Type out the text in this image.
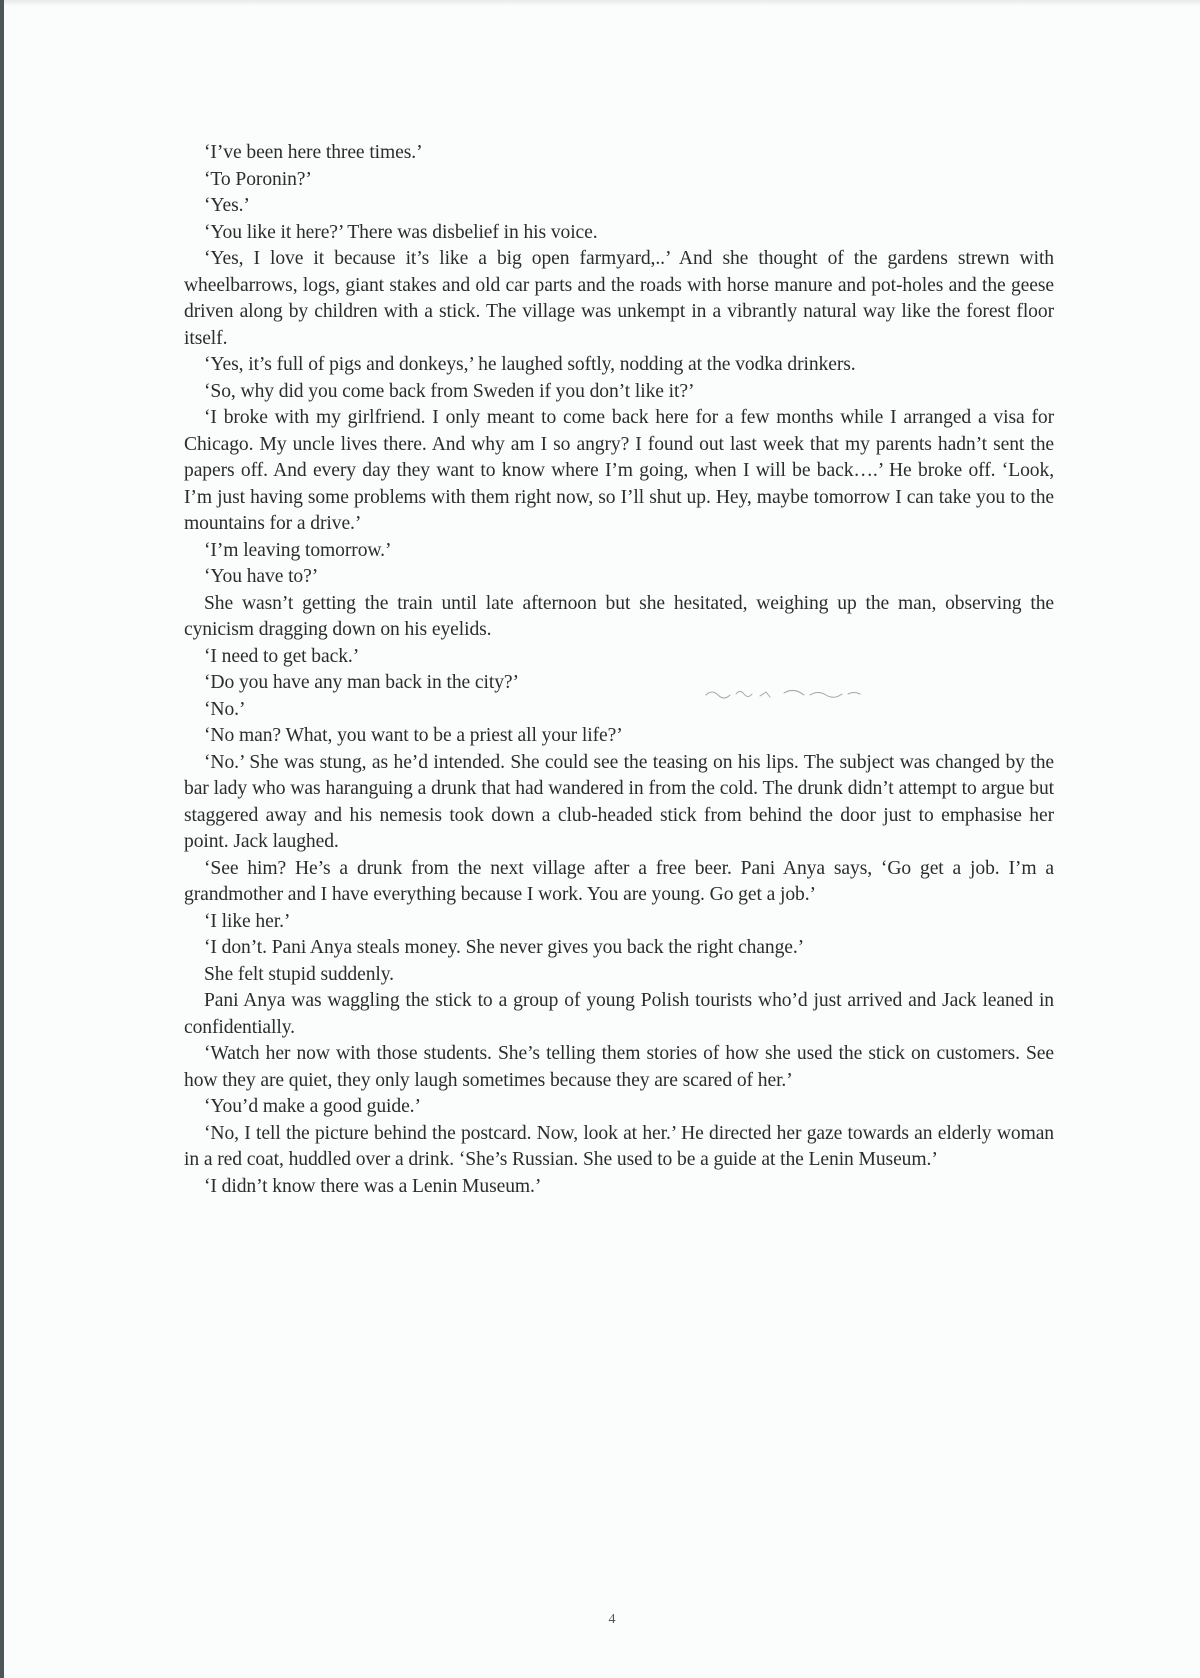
‘I’ve been here three times.’

‘To Poronin?’

‘Yes.’

‘You like it here?’ There was disbelief in his voice.

‘Yes, I love it because it’s like a big open farmyard,..’ And she thought of the gardens strewn with wheelbarrows, logs, giant stakes and old car parts and the roads with horse manure and pot-holes and the geese driven along by children with a stick. The village was unkempt in a vibrantly natural way like the forest floor itself.

‘Yes, it’s full of pigs and donkeys,’ he laughed softly, nodding at the vodka drinkers.

‘So, why did you come back from Sweden if you don’t like it?’

‘I broke with my girlfriend. I only meant to come back here for a few months while I arranged a visa for Chicago. My uncle lives there. And why am I so angry? I found out last week that my parents hadn’t sent the papers off. And every day they want to know where I’m going, when I will be back….’ He broke off. ‘Look, I’m just having some problems with them right now, so I’ll shut up. Hey, maybe tomorrow I can take you to the mountains for a drive.’

‘I’m leaving tomorrow.’

‘You have to?’

She wasn’t getting the train until late afternoon but she hesitated, weighing up the man, observing the cynicism dragging down on his eyelids.

‘I need to get back.’

‘Do you have any man back in the city?’

‘No.’

‘No man? What, you want to be a priest all your life?’

‘No.’ She was stung, as he’d intended. She could see the teasing on his lips. The subject was changed by the bar lady who was haranguing a drunk that had wandered in from the cold. The drunk didn’t attempt to argue but staggered away and his nemesis took down a club-headed stick from behind the door just to emphasise her point. Jack laughed.

‘See him? He’s a drunk from the next village after a free beer. Pani Anya says, ‘Go get a job. I’m a grandmother and I have everything because I work. You are young. Go get a job.’

‘I like her.’

‘I don’t. Pani Anya steals money. She never gives you back the right change.’

She felt stupid suddenly.

Pani Anya was waggling the stick to a group of young Polish tourists who’d just arrived and Jack leaned in confidentially.

‘Watch her now with those students. She’s telling them stories of how she used the stick on customers. See how they are quiet, they only laugh sometimes because they are scared of her.’

‘You’d make a good guide.’

‘No, I tell the picture behind the postcard. Now, look at her.’ He directed her gaze towards an elderly woman in a red coat, huddled over a drink. ‘She’s Russian. She used to be a guide at the Lenin Museum.’

‘I didn’t know there was a Lenin Museum.’

4
